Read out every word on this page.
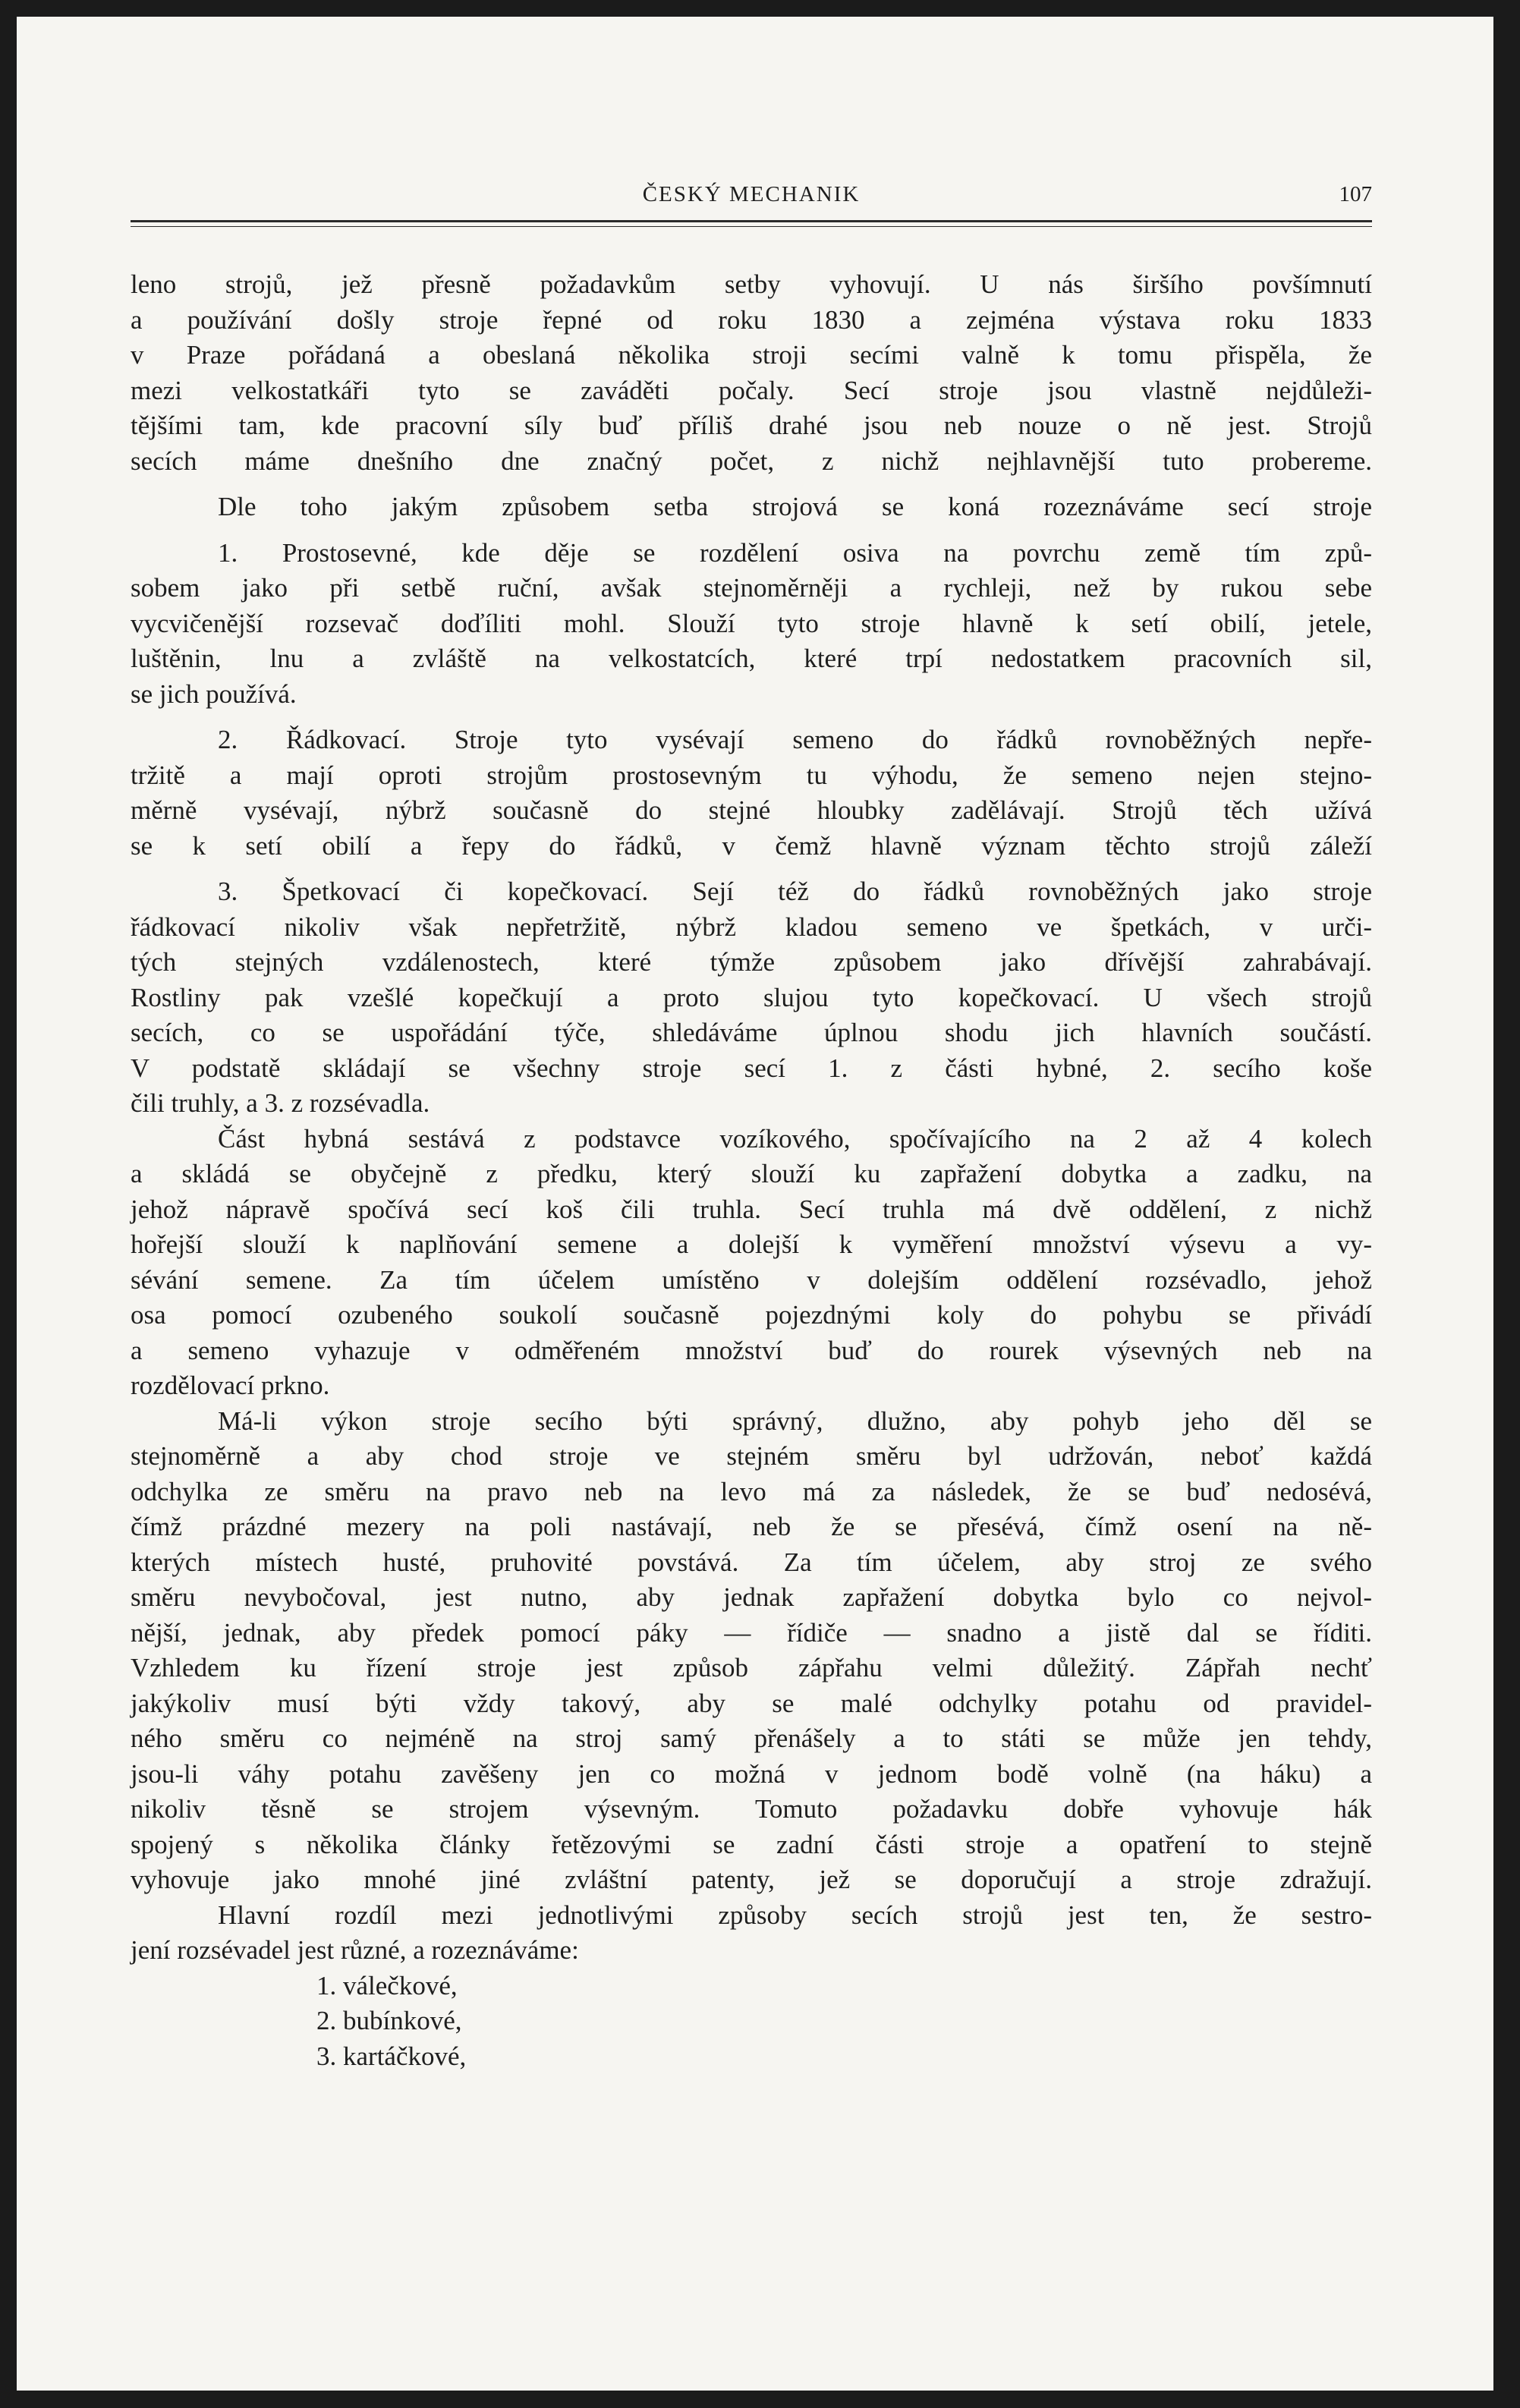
ČESKÝ MECHANIK	107
leno strojů, jež přesně požadavkům setby vyhovují. U nás širšího povšímnutí
a používání došly stroje řepné od roku 1830 a zejména výstava roku 1833
v Praze pořádaná a obeslaná několika stroji secími valně k tomu přispěla, že
mezi velkostatkáři tyto se zaváděti počaly. Secí stroje jsou vlastně nejdůleži-
tějšími tam, kde pracovní síly buď příliš drahé jsou neb nouze o ně jest. Strojů
secích máme dnešního dne značný počet, z nichž nejhlavnější tuto probereme.
Dle toho jakým způsobem setba strojová se koná rozeznáváme secí stroje
1. Prostosevné, kde děje se rozdělení osiva na povrchu země tím způ-
sobem jako při setbě ruční, avšak stejnoměrněji a rychleji, než by rukou sebe
vycvičenější rozsevač doďíliti mohl. Slouží tyto stroje hlavně k setí obilí, jetele,
luštěnin, lnu a zvláště na velkostatcích, které trpí nedostatkem pracovních sil,
se jich používá.
2. Řádkovací. Stroje tyto vysévají semeno do řádků rovnoběžných nepře-
tržitě a mají oproti strojům prostosevným tu výhodu, že semeno nejen stejno-
měrně vysévají, nýbrž současně do stejné hloubky zadělávají. Strojů těch užívá
se k setí obilí a řepy do řádků, v čemž hlavně význam těchto strojů záleží
3. Špetkovací či kopečkovací. Sejí též do řádků rovnoběžných jako stroje
řádkovací nikoliv však nepřetržitě, nýbrž kladou semeno ve špetkách, v urči-
tých stejných vzdálenostech, které týmže způsobem jako dřívější zahrabávají.
Rostliny pak vzešlé kopečkují a proto slujou tyto kopečkovací. U všech strojů
secích, co se uspořádání týče, shledáváme úplnou shodu jich hlavních součástí.
V podstatě skládají se všechny stroje secí 1. z části hybné, 2. secího koše
čili truhly, a 3. z rozsévadla.
Část hybná sestává z podstavce vozíkového, spočívajícího na 2 až 4 kolech
a skládá se obyčejně z předku, který slouží ku zapřažení dobytka a zadku, na
jehož nápravě spočívá secí koš čili truhla. Secí truhla má dvě oddělení, z nichž
hořejší slouží k naplňování semene a dolejší k vyměření množství výsevu a vy-
sévání semene. Za tím účelem umístěno v dolejším oddělení rozsévadlo, jehož
osa pomocí ozubeného soukolí současně pojezdnými koly do pohybu se přivádí
a semeno vyhazuje v odměřeném množství buď do rourek výsevných neb na
rozdělovací prkno.
Má-li výkon stroje secího býti správný, dlužno, aby pohyb jeho děl se
stejnoměrně a aby chod stroje ve stejném směru byl udržován, neboť každá
odchylka ze směru na pravo neb na levo má za následek, že se buď nedosévá,
čímž prázdné mezery na poli nastávají, neb že se přesévá, čímž osení na ně-
kterých místech husté, pruhovité povstává. Za tím účelem, aby stroj ze svého
směru nevybočoval, jest nutno, aby jednak zapřažení dobytka bylo co nejvol-
nější, jednak, aby předek pomocí páky — řídiče — snadno a jistě dal se říditi.
Vzhledem ku řízení stroje jest způsob zápřahu velmi důležitý. Zápřah nechť
jakýkoliv musí býti vždy takový, aby se malé odchylky potahu od pravidel-
ného směru co nejméně na stroj samý přenášely a to státi se může jen tehdy,
jsou-li váhy potahu zavěšeny jen co možná v jednom bodě volně (na háku) a
nikoliv těsně se strojem výsevným. Tomuto požadavku dobře vyhovuje hák
spojený s několika články řetězovými se zadní části stroje a opatření to stejně
vyhovuje jako mnohé jiné zvláštní patenty, jež se doporučují a stroje zdražují.
Hlavní rozdíl mezi jednotlivými způsoby secích strojů jest ten, že sestro-
jení rozsévadel jest různé, a rozeznáváme:
1. válečkové,
2. bubínkové,
3. kartáčkové,
